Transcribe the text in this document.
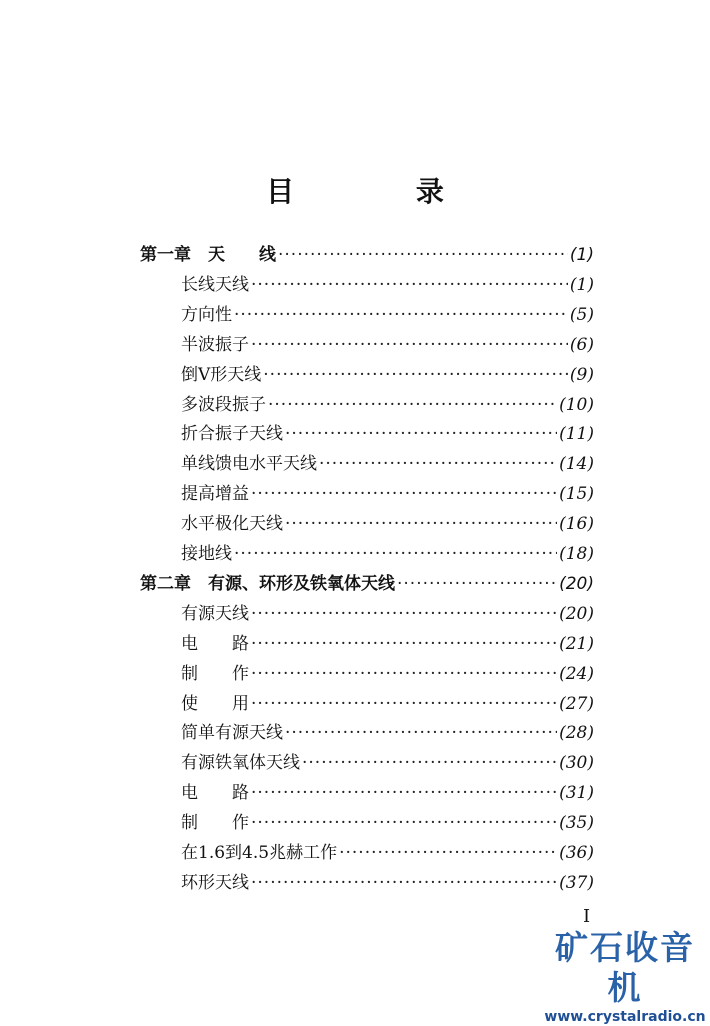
目 录
第一章　天　　线 ·····	(1)
长线天线 ·····	(1)
方向性 ·····	(5)
半波振子 ·····	(6)
倒V形天线 ·····	(9)
多波段振子 ·····	(10)
折合振子天线 ·····	(11)
单线馈电水平天线 ·····	(14)
提高增益 ·····	(15)
水平极化天线 ·····	(16)
接地线 ·····	(18)
第二章　有源、环形及铁氧体天线 ·····	(20)
有源天线 ·····	(20)
电　　路 ·····	(21)
制　　作 ·····	(24)
使　　用 ·····	(27)
简单有源天线 ·····	(28)
有源铁氧体天线 ·····	(30)
电　　路 ·····	(31)
制　　作 ·····	(35)
在1.6到4.5兆赫工作 ·····	(36)
环形天线 ·····	(37)
I
矿石收音机
www.crystalradio.cn
